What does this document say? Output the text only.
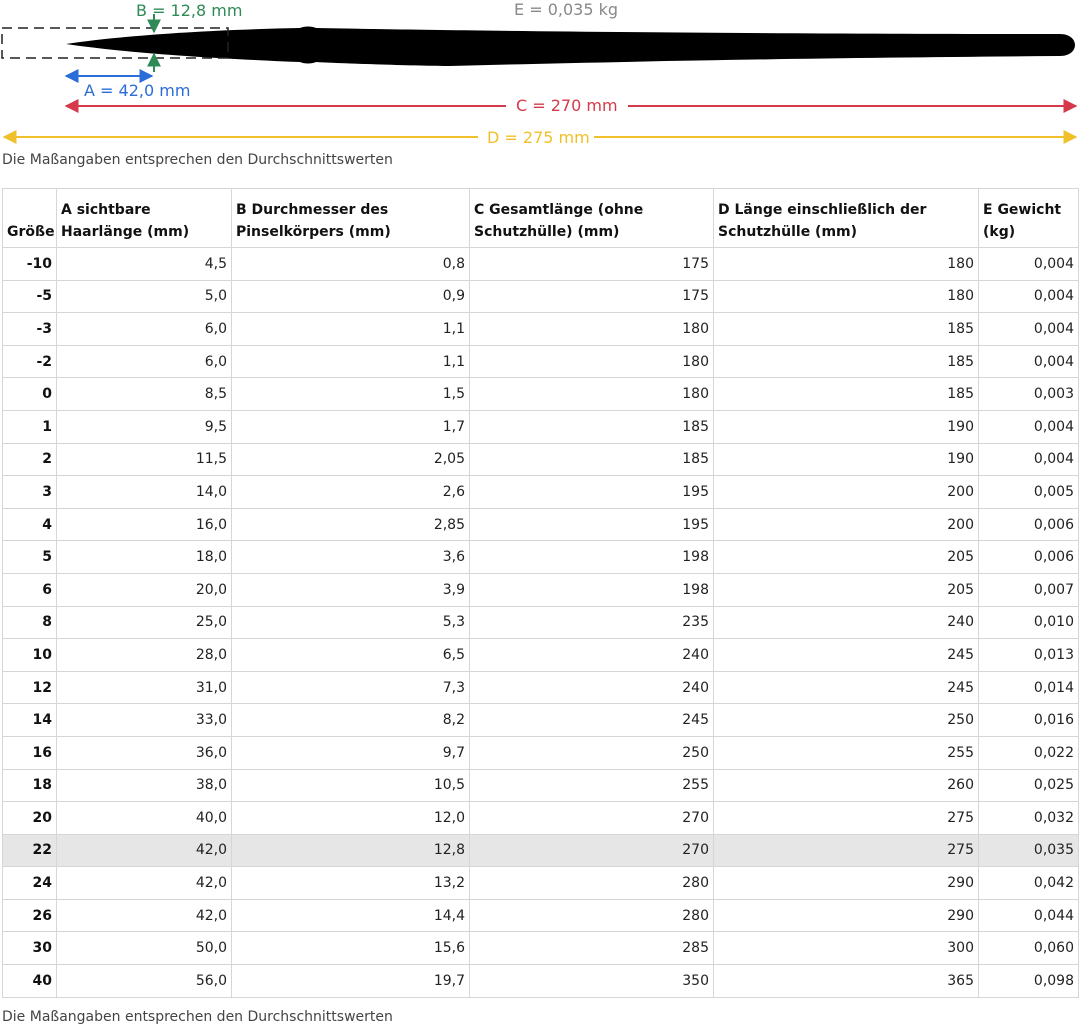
B = 12,8 mm	E = 0,035 kg
A = 42,0 mm
C = 270 mm
D = 275 mm
Die Maßangaben entsprechen den Durchschnittswerten
Größe	A sichtbare Haarlänge (mm)	B Durchmesser des Pinselkörpers (mm)	C Gesamtlänge (ohne Schutzhülle) (mm)	D Länge einschließlich der Schutzhülle (mm)	E Gewicht (kg)
-10	4,5	0,8	175	180	0,004
-5	5,0	0,9	175	180	0,004
-3	6,0	1,1	180	185	0,004
-2	6,0	1,1	180	185	0,004
0	8,5	1,5	180	185	0,003
1	9,5	1,7	185	190	0,004
2	11,5	2,05	185	190	0,004
3	14,0	2,6	195	200	0,005
4	16,0	2,85	195	200	0,006
5	18,0	3,6	198	205	0,006
6	20,0	3,9	198	205	0,007
8	25,0	5,3	235	240	0,010
10	28,0	6,5	240	245	0,013
12	31,0	7,3	240	245	0,014
14	33,0	8,2	245	250	0,016
16	36,0	9,7	250	255	0,022
18	38,0	10,5	255	260	0,025
20	40,0	12,0	270	275	0,032
22	42,0	12,8	270	275	0,035
24	42,0	13,2	280	290	0,042
26	42,0	14,4	280	290	0,044
30	50,0	15,6	285	300	0,060
40	56,0	19,7	350	365	0,098
Die Maßangaben entsprechen den Durchschnittswerten
